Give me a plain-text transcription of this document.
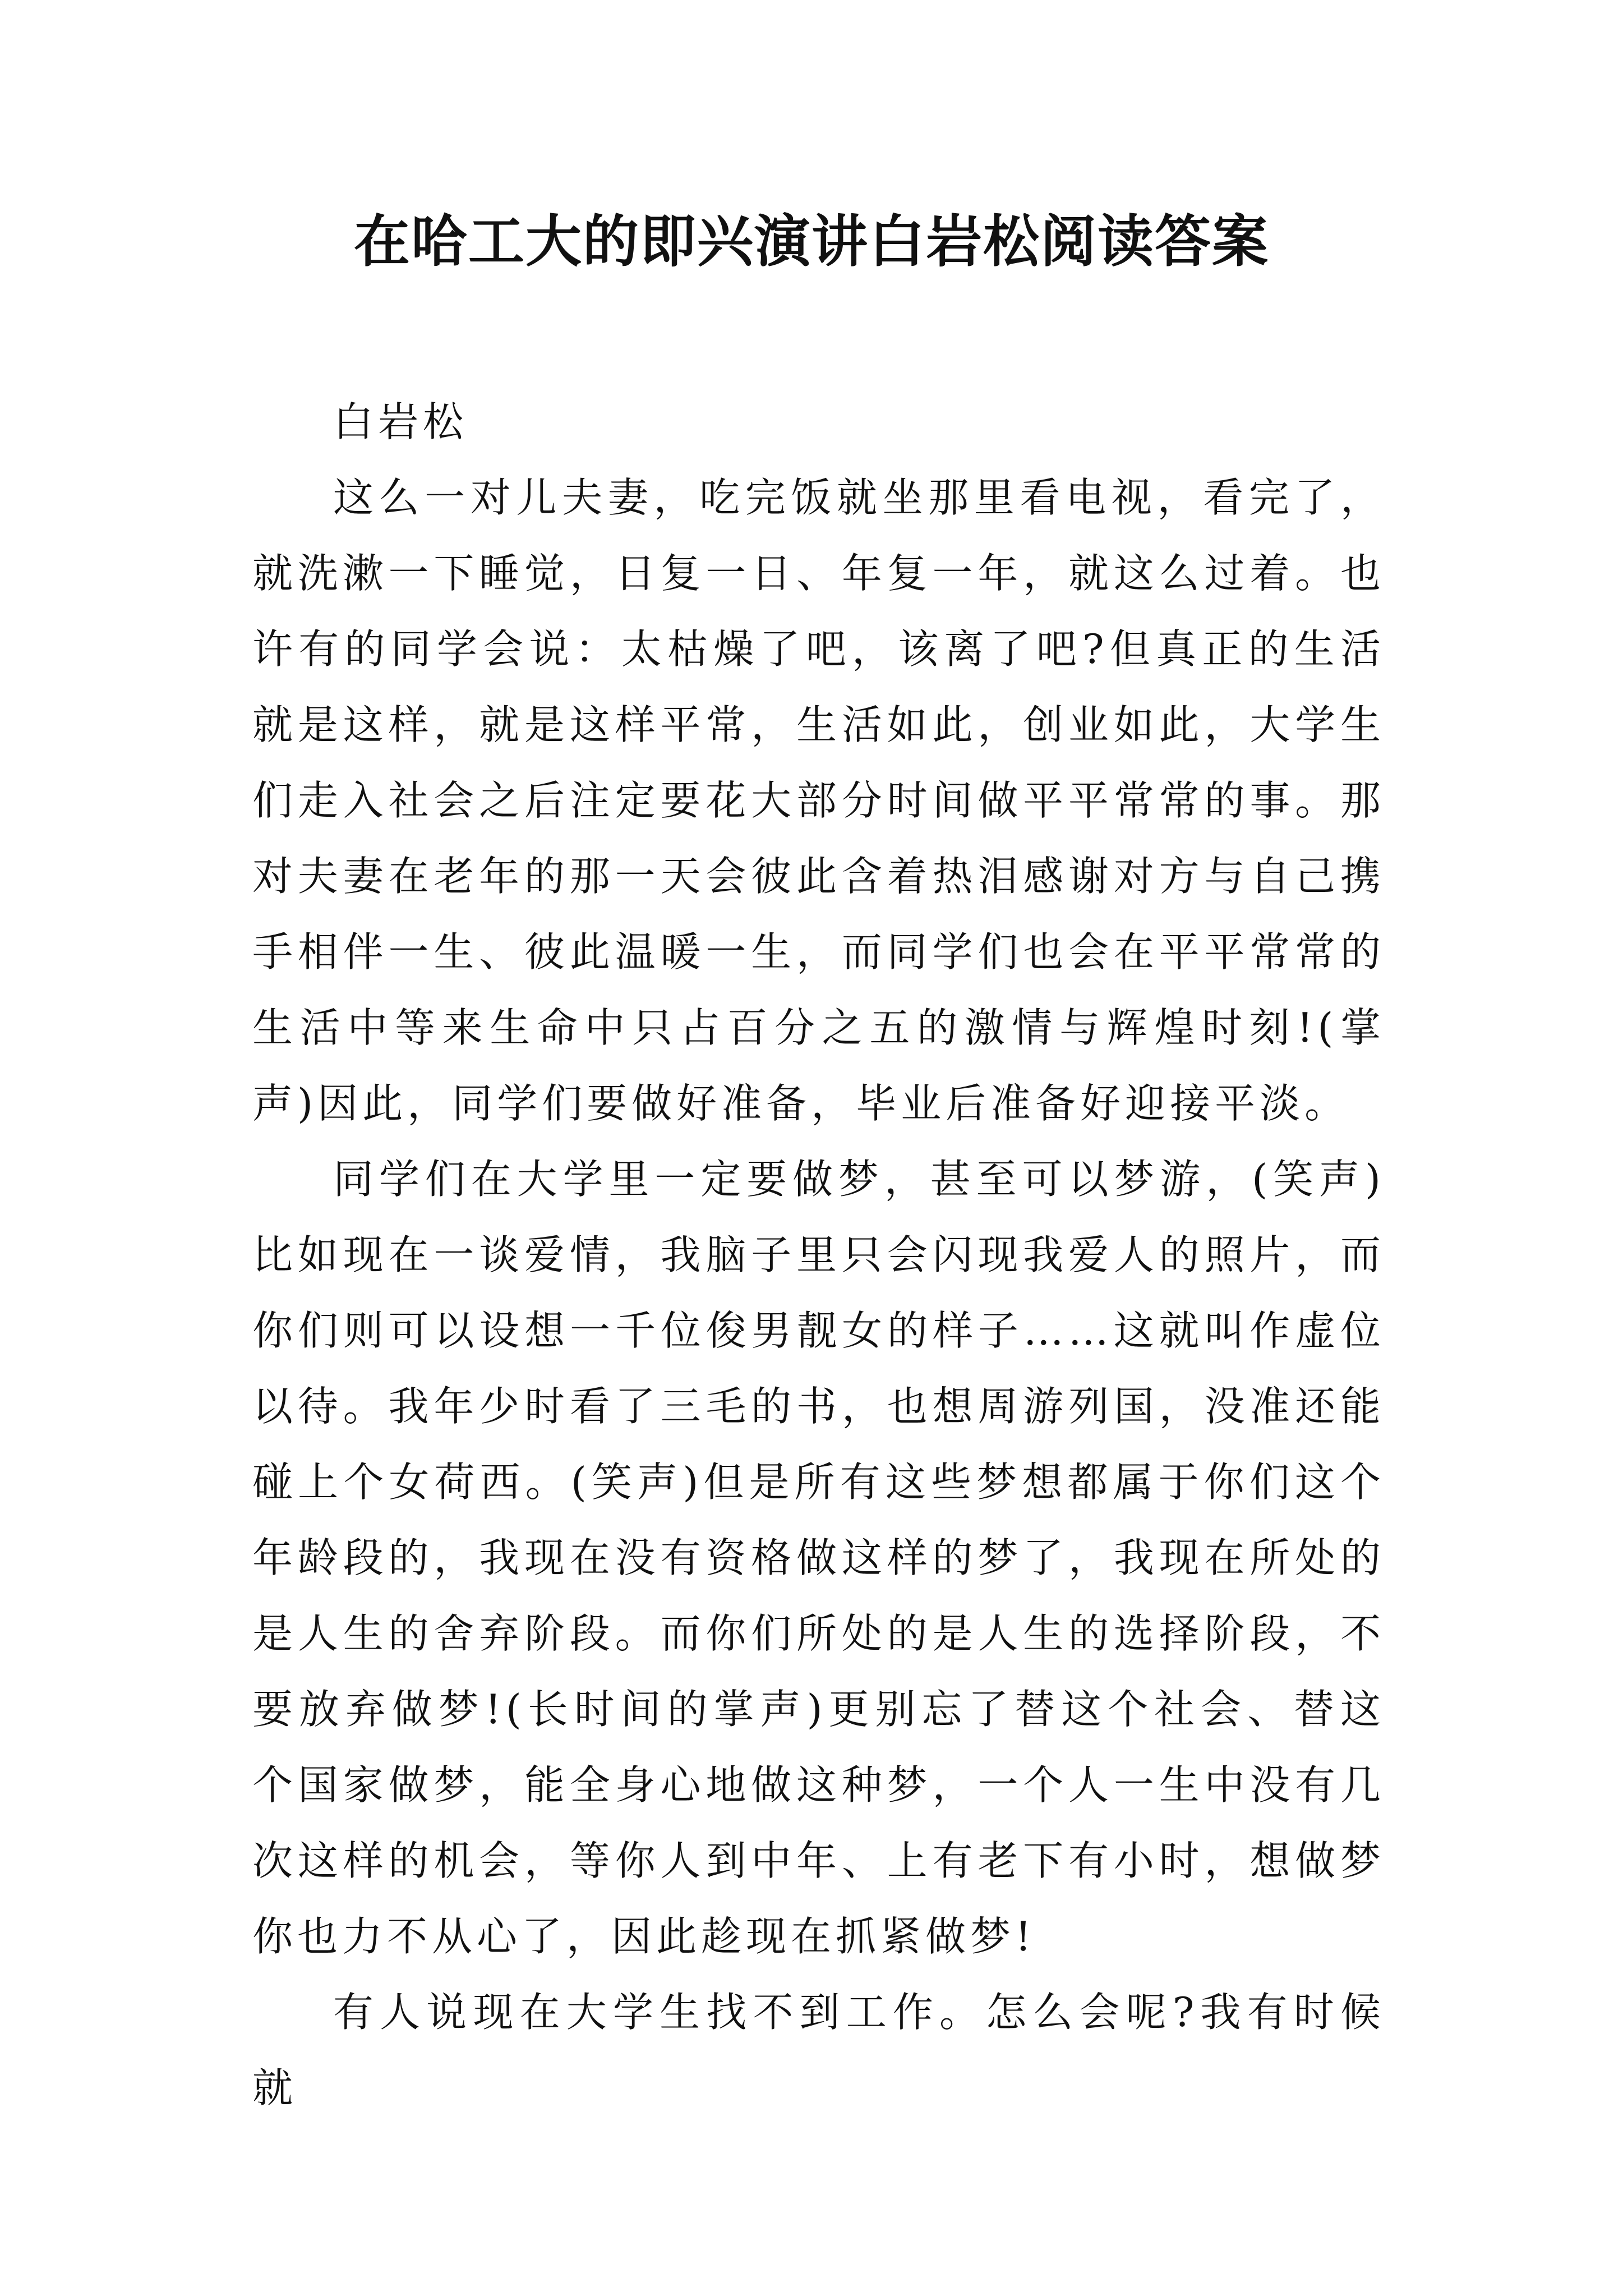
在哈工大的即兴演讲白岩松阅读答案

白岩松

这么一对儿夫妻，吃完饭就坐那里看电视，看完了，就洗漱一下睡觉，日复一日、年复一年，就这么过着。也许有的同学会说：太枯燥了吧，该离了吧?但真正的生活就是这样，就是这样平常，生活如此，创业如此，大学生们走入社会之后注定要花大部分时间做平平常常的事。那对夫妻在老年的那一天会彼此含着热泪感谢对方与自己携手相伴一生、彼此温暖一生，而同学们也会在平平常常的生活中等来生命中只占百分之五的激情与辉煌时刻!(掌声)因此，同学们要做好准备，毕业后准备好迎接平淡。

同学们在大学里一定要做梦，甚至可以梦游，(笑声)比如现在一谈爱情，我脑子里只会闪现我爱人的照片，而你们则可以设想一千位俊男靓女的样子……这就叫作虚位以待。我年少时看了三毛的书，也想周游列国，没准还能碰上个女荷西。(笑声)但是所有这些梦想都属于你们这个年龄段的，我现在没有资格做这样的梦了，我现在所处的是人生的舍弃阶段。而你们所处的是人生的选择阶段，不要放弃做梦!(长时间的掌声)更别忘了替这个社会、替这个国家做梦，能全身心地做这种梦，一个人一生中没有几次这样的机会，等你人到中年、上有老下有小时，想做梦你也力不从心了，因此趁现在抓紧做梦!

有人说现在大学生找不到工作。怎么会呢?我有时候就
